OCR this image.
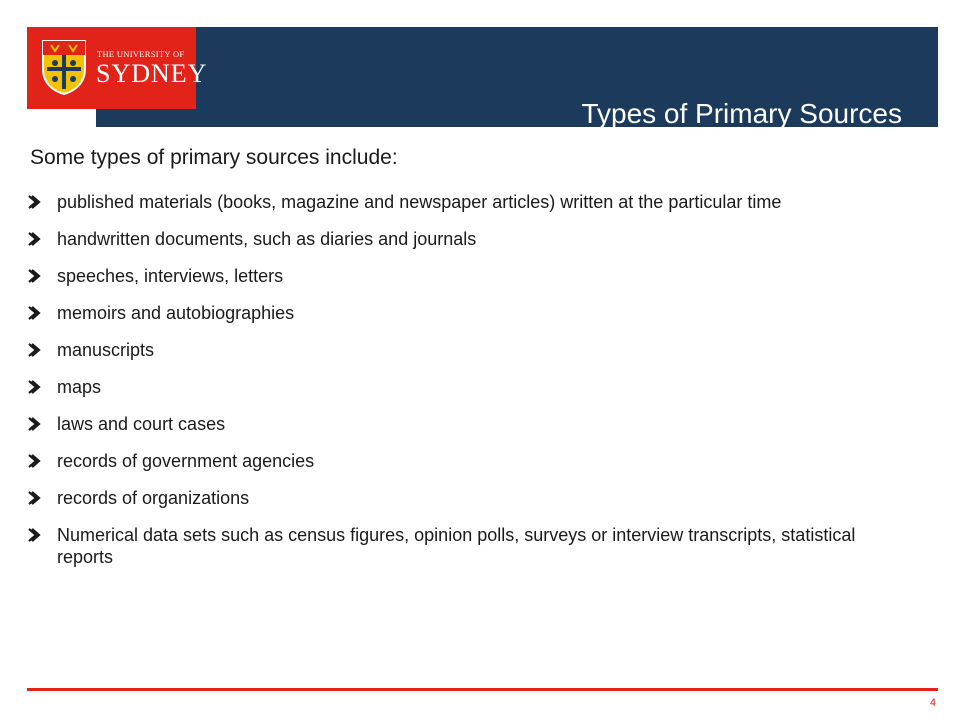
Types of Primary Sources
THE UNIVERSITY OF
SYDNEY
Some types of primary sources include:
published materials (books, magazine and newspaper articles) written at the particular time
handwritten documents, such as diaries and journals
speeches, interviews, letters
memoirs and autobiographies
manuscripts
maps
laws and court cases
records of government agencies
records of organizations
Numerical data sets such as census figures, opinion polls, surveys or interview transcripts, statistical reports
4
